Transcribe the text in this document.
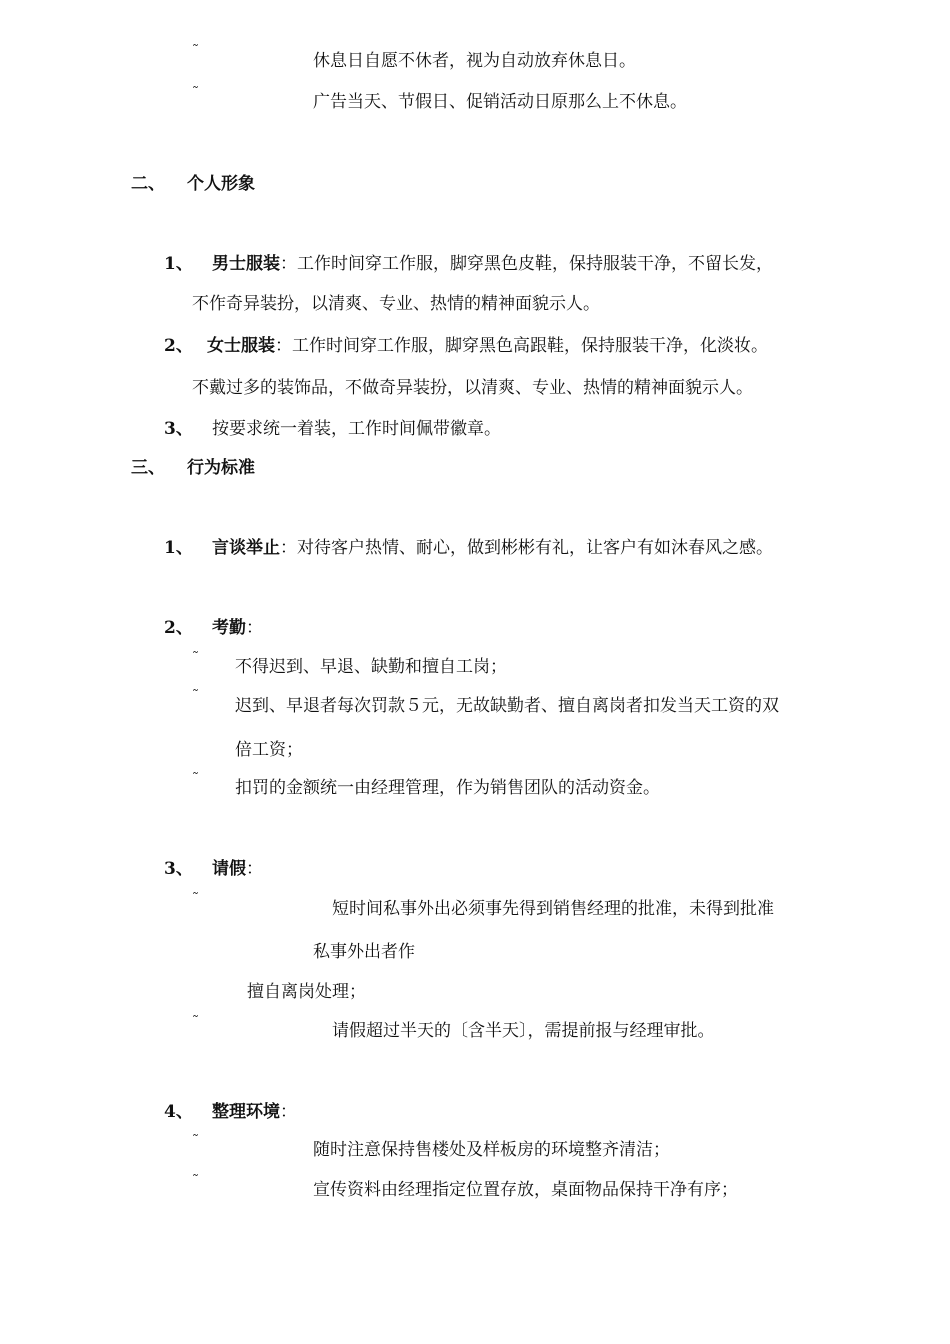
˜	休息日自愿不休者，视为自动放弃休息日。
˜	广告当天、节假日、促销活动日原那么上不休息。
二、 个人形象
1、 男士服装：工作时间穿工作服，脚穿黑色皮鞋，保持服装干净，不留长发，
不作奇异装扮，以清爽、专业、热情的精神面貌示人。
2、 女士服装：工作时间穿工作服，脚穿黑色高跟鞋，保持服装干净，化淡妆。
不戴过多的装饰品，不做奇异装扮，以清爽、专业、热情的精神面貌示人。
3、 按要求统一着装，工作时间佩带徽章。
三、 行为标准
1、 言谈举止：对待客户热情、耐心，做到彬彬有礼，让客户有如沐春风之感。
2、 考勤：
˜ 不得迟到、早退、缺勤和擅自工岗；
˜ 迟到、早退者每次罚款５元，无故缺勤者、擅自离岗者扣发当天工资的双
倍工资；
˜ 扣罚的金额统一由经理管理，作为销售团队的活动资金。
3、 请假：
˜	短时间私事外出必须事先得到销售经理的批准，未得到批准
私事外出者作
擅自离岗处理；
˜	请假超过半天的〔含半天〕，需提前报与经理审批。
4、 整理环境：
˜	随时注意保持售楼处及样板房的环境整齐清洁；
˜	宣传资料由经理指定位置存放，桌面物品保持干净有序；
